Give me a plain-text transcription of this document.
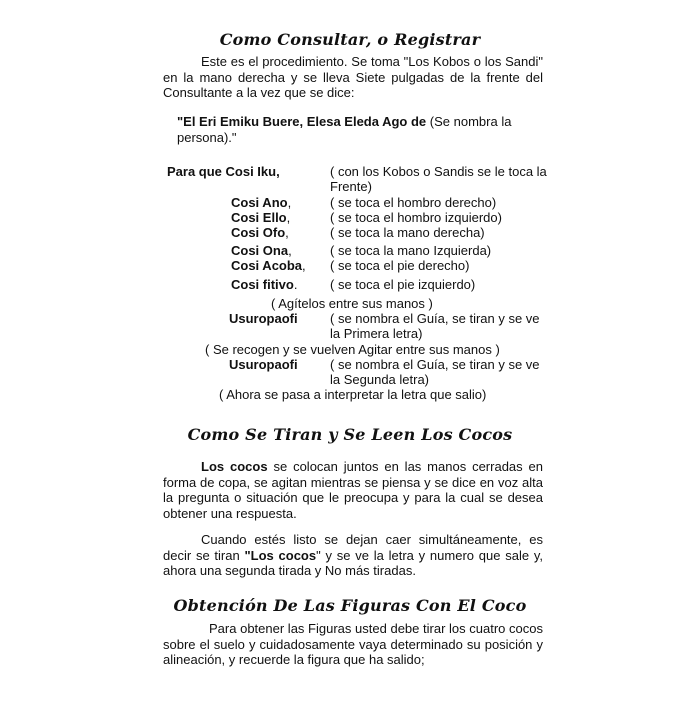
Como Consultar, o Registrar
Este es el procedimiento. Se toma "Los Kobos o los Sandi" en la mano derecha y se lleva Siete pulgadas de la frente del Consultante a la vez que se dice:
"El Eri Emiku Buere, Elesa Eleda Ago de (Se nombra la persona)."
Para que Cosi Iku,	( con los Kobos o Sandis se le toca la Frente)
Cosi Ano,	( se toca el hombro derecho)
Cosi Ello,	( se toca el hombro izquierdo)
Cosi Ofo,	( se toca la mano derecha)
Cosi Ona,	( se toca la mano Izquierda)
Cosi Acoba, ( se toca el pie derecho)
Cosi fitivo.	( se toca el pie izquierdo)
( Agítelos entre sus manos )
Usuropaofi ( se nombra el Guía, se tiran y se ve la Primera letra)
( Se recogen y se vuelven Agitar entre sus manos )
Usuropaofi ( se nombra el Guía, se tiran y se ve la Segunda letra)
( Ahora se pasa a interpretar la letra que salio)
Como Se Tiran y Se Leen Los Cocos
Los cocos se colocan juntos en las manos cerradas en forma de copa, se agitan mientras se piensa y se dice en voz alta la pregunta o situación que le preocupa y para la cual se desea obtener una respuesta.
Cuando estés listo se dejan caer simultáneamente, es decir se tiran "Los cocos" y se ve la letra y numero que sale y, ahora una segunda tirada y No más tiradas.
Obtención De Las Figuras Con El Coco
Para obtener las Figuras usted debe tirar los cuatro cocos sobre el suelo y cuidadosamente vaya determinado su posición y alineación, y recuerde la figura que ha salido;
